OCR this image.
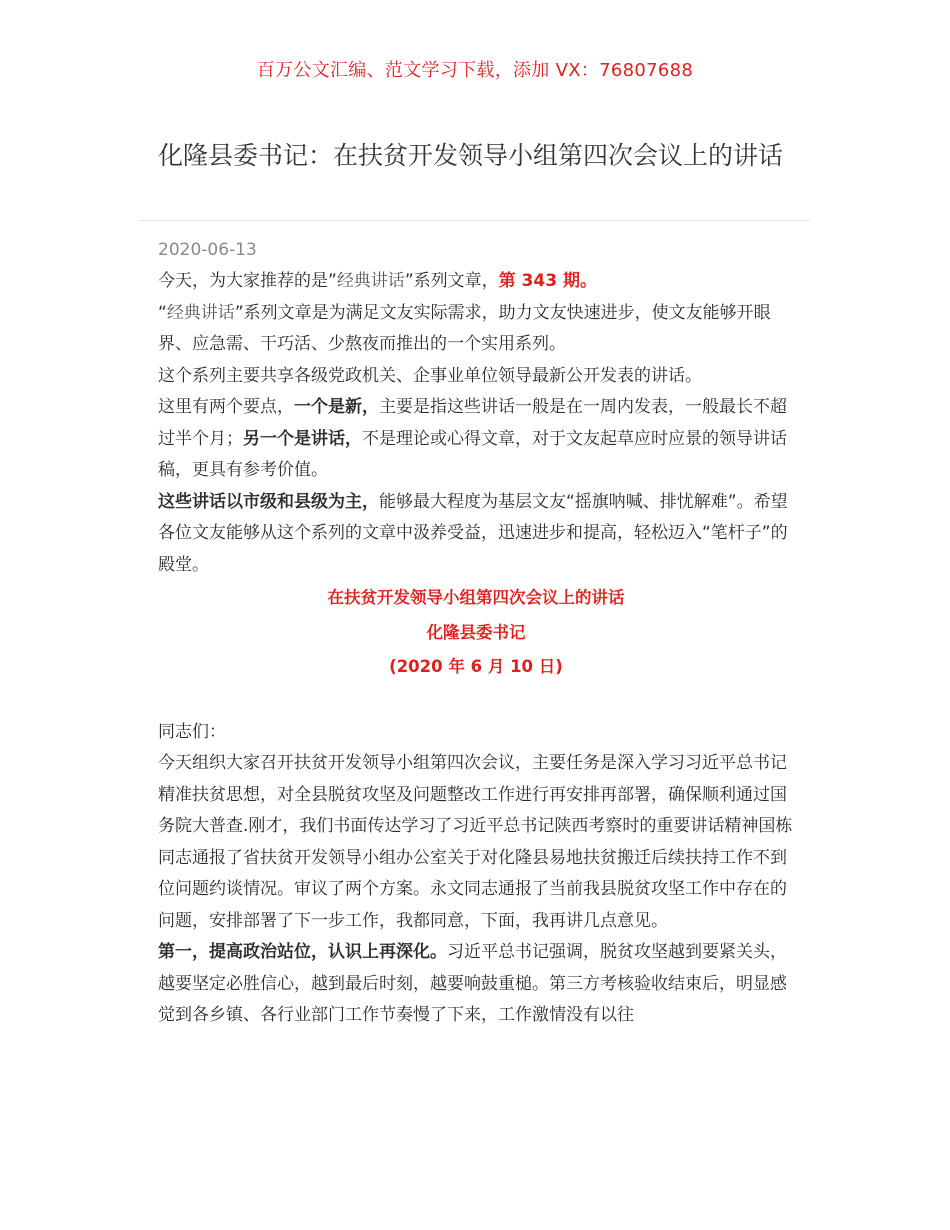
百万公文汇编、范文学习下载，添加 VX：76807688
化隆县委书记：在扶贫开发领导小组第四次会议上的讲话
2020-06-13

今天，为大家推荐的是”经典讲话”系列文章，第 343 期。

“经典讲话”系列文章是为满足文友实际需求，助力文友快速进步，使文友能够开眼界、应急需、干巧活、少熬夜而推出的一个实用系列。

这个系列主要共享各级党政机关、企事业单位领导最新公开发表的讲话。

这里有两个要点，一个是新，主要是指这些讲话一般是在一周内发表，一般最长不超过半个月；另一个是讲话，不是理论或心得文章，对于文友起草应时应景的领导讲话稿，更具有参考价值。

这些讲话以市级和县级为主，能够最大程度为基层文友“摇旗呐喊、排忧解难”。希望各位文友能够从这个系列的文章中汲养受益，迅速进步和提高，轻松迈入“笔杆子”的殿堂。

在扶贫开发领导小组第四次会议上的讲话
化隆县委书记
(2020 年 6 月 10 日)

同志们：

今天组织大家召开扶贫开发领导小组第四次会议，主要任务是深入学习习近平总书记精准扶贫思想，对全县脱贫攻坚及问题整改工作进行再安排再部署，确保顺利通过国务院大普查.刚才，我们书面传达学习了习近平总书记陕西考察时的重要讲话精神国栋同志通报了省扶贫开发领导小组办公室关于对化隆县易地扶贫搬迁后续扶持工作不到位问题约谈情况。审议了两个方案。永文同志通报了当前我县脱贫攻坚工作中存在的问题，安排部署了下一步工作，我都同意，下面，我再讲几点意见。

第一，提高政治站位，认识上再深化。习近平总书记强调，脱贫攻坚越到要紧关头，越要坚定必胜信心，越到最后时刻，越要响鼓重槌。第三方考核验收结束后，明显感觉到各乡镇、各行业部门工作节奏慢了下来，工作激情没有以往
